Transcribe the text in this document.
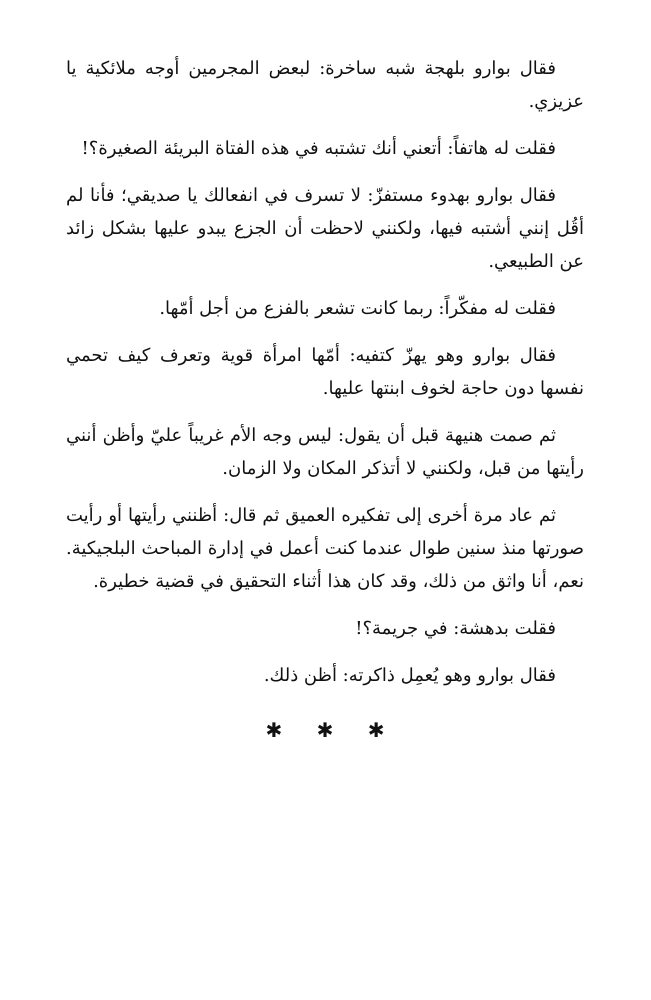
فقال بوارو بلهجة شبه ساخرة: لبعض المجرمين أوجه ملائكية يا عزيزي.

فقلت له هاتفاً: أتعني أنك تشتبه في هذه الفتاة البريئة الصغيرة؟!

فقال بوارو بهدوء مستفزّ: لا تسرف في انفعالك يا صديقي؛ فأنا لم أقُل إنني أشتبه فيها، ولكنني لاحظت أن الجزع يبدو عليها بشكل زائد عن الطبيعي.

فقلت له مفكّراً: ربما كانت تشعر بالفزع من أجل أمّها.

فقال بوارو وهو يهزّ كتفيه: أمّها امرأة قوية وتعرف كيف تحمي نفسها دون حاجة لخوف ابنتها عليها.

ثم صمت هنيهة قبل أن يقول: ليس وجه الأم غريباً عليّ وأظن أنني رأيتها من قبل، ولكنني لا أتذكر المكان ولا الزمان.

ثم عاد مرة أخرى إلى تفكيره العميق ثم قال: أظنني رأيتها أو رأيت صورتها منذ سنين طوال عندما كنت أعمل في إدارة المباحث البلجيكية. نعم، أنا واثق من ذلك، وقد كان هذا أثناء التحقيق في قضية خطيرة.

فقلت بدهشة: في جريمة؟!

فقال بوارو وهو يُعمِل ذاكرته: أظن ذلك.

✱ ✱ ✱
